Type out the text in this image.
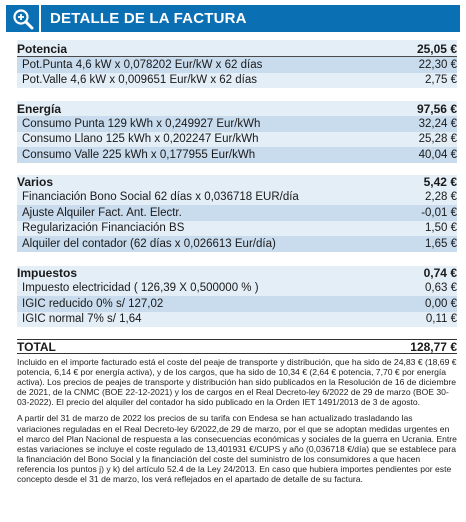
DETALLE DE LA FACTURA
Potencia	25,05 €
Pot.Punta 4,6 kW x 0,078202 Eur/kW x 62 días	22,30 €
Pot.Valle 4,6 kW x 0,009651 Eur/kW x 62 días	2,75 €
Energía	97,56 €
Consumo Punta 129 kWh x 0,249927 Eur/kWh	32,24 €
Consumo Llano 125 kWh x 0,202247 Eur/kWh	25,28 €
Consumo Valle 225 kWh x 0,177955 Eur/kWh	40,04 €
Varios	5,42 €
Financiación Bono Social 62 días x 0,036718 EUR/día	2,28 €
Ajuste Alquiler Fact. Ant. Electr.	-0,01 €
Regularización Financiación BS	1,50 €
Alquiler del contador (62 días x 0,026613 Eur/día)	1,65 €
Impuestos	0,74 €
Impuesto electricidad ( 126,39 X 0,500000 % )	0,63 €
IGIC reducido 0% s/ 127,02	0,00 €
IGIC normal 7% s/ 1,64	0,11 €
TOTAL	128,77 €

Incluido en el importe facturado está el coste del peaje de transporte y distribución, que ha sido de 24,83 € (18,69 € potencia, 6,14 € por energía activa), y de los cargos, que ha sido de 10,34 € (2,64 € potencia, 7,70 € por energía activa). Los precios de peajes de transporte y distribución han sido publicados en la Resolución de 16 de diciembre de 2021, de la CNMC (BOE 22-12-2021) y los de cargos en el Real Decreto-ley 6/2022 de 29 de marzo (BOE 30-03-2022). El precio del alquiler del contador ha sido publicado en la Orden IET 1491/2013 de 3 de agosto.

A partir del 31 de marzo de 2022 los precios de su tarifa con Endesa se han actualizado trasladando las variaciones reguladas en el Real Decreto-ley 6/2022,de 29 de marzo, por el que se adoptan medidas urgentes en el marco del Plan Nacional de respuesta a las consecuencias económicas y sociales de la guerra en Ucrania. Entre estas variaciones se incluye el coste regulado de 13,401931 €/CUPS y año (0,036718 €/día) que se establece para la financiación del Bono Social y la financiación del coste del suministro de los consumidores a que hacen referencia los puntos j) y k) del artículo 52.4 de la Ley 24/2013. En caso que hubiera importes pendientes por este concepto desde el 31 de marzo, los verá reflejados en el apartado de detalle de su factura.
